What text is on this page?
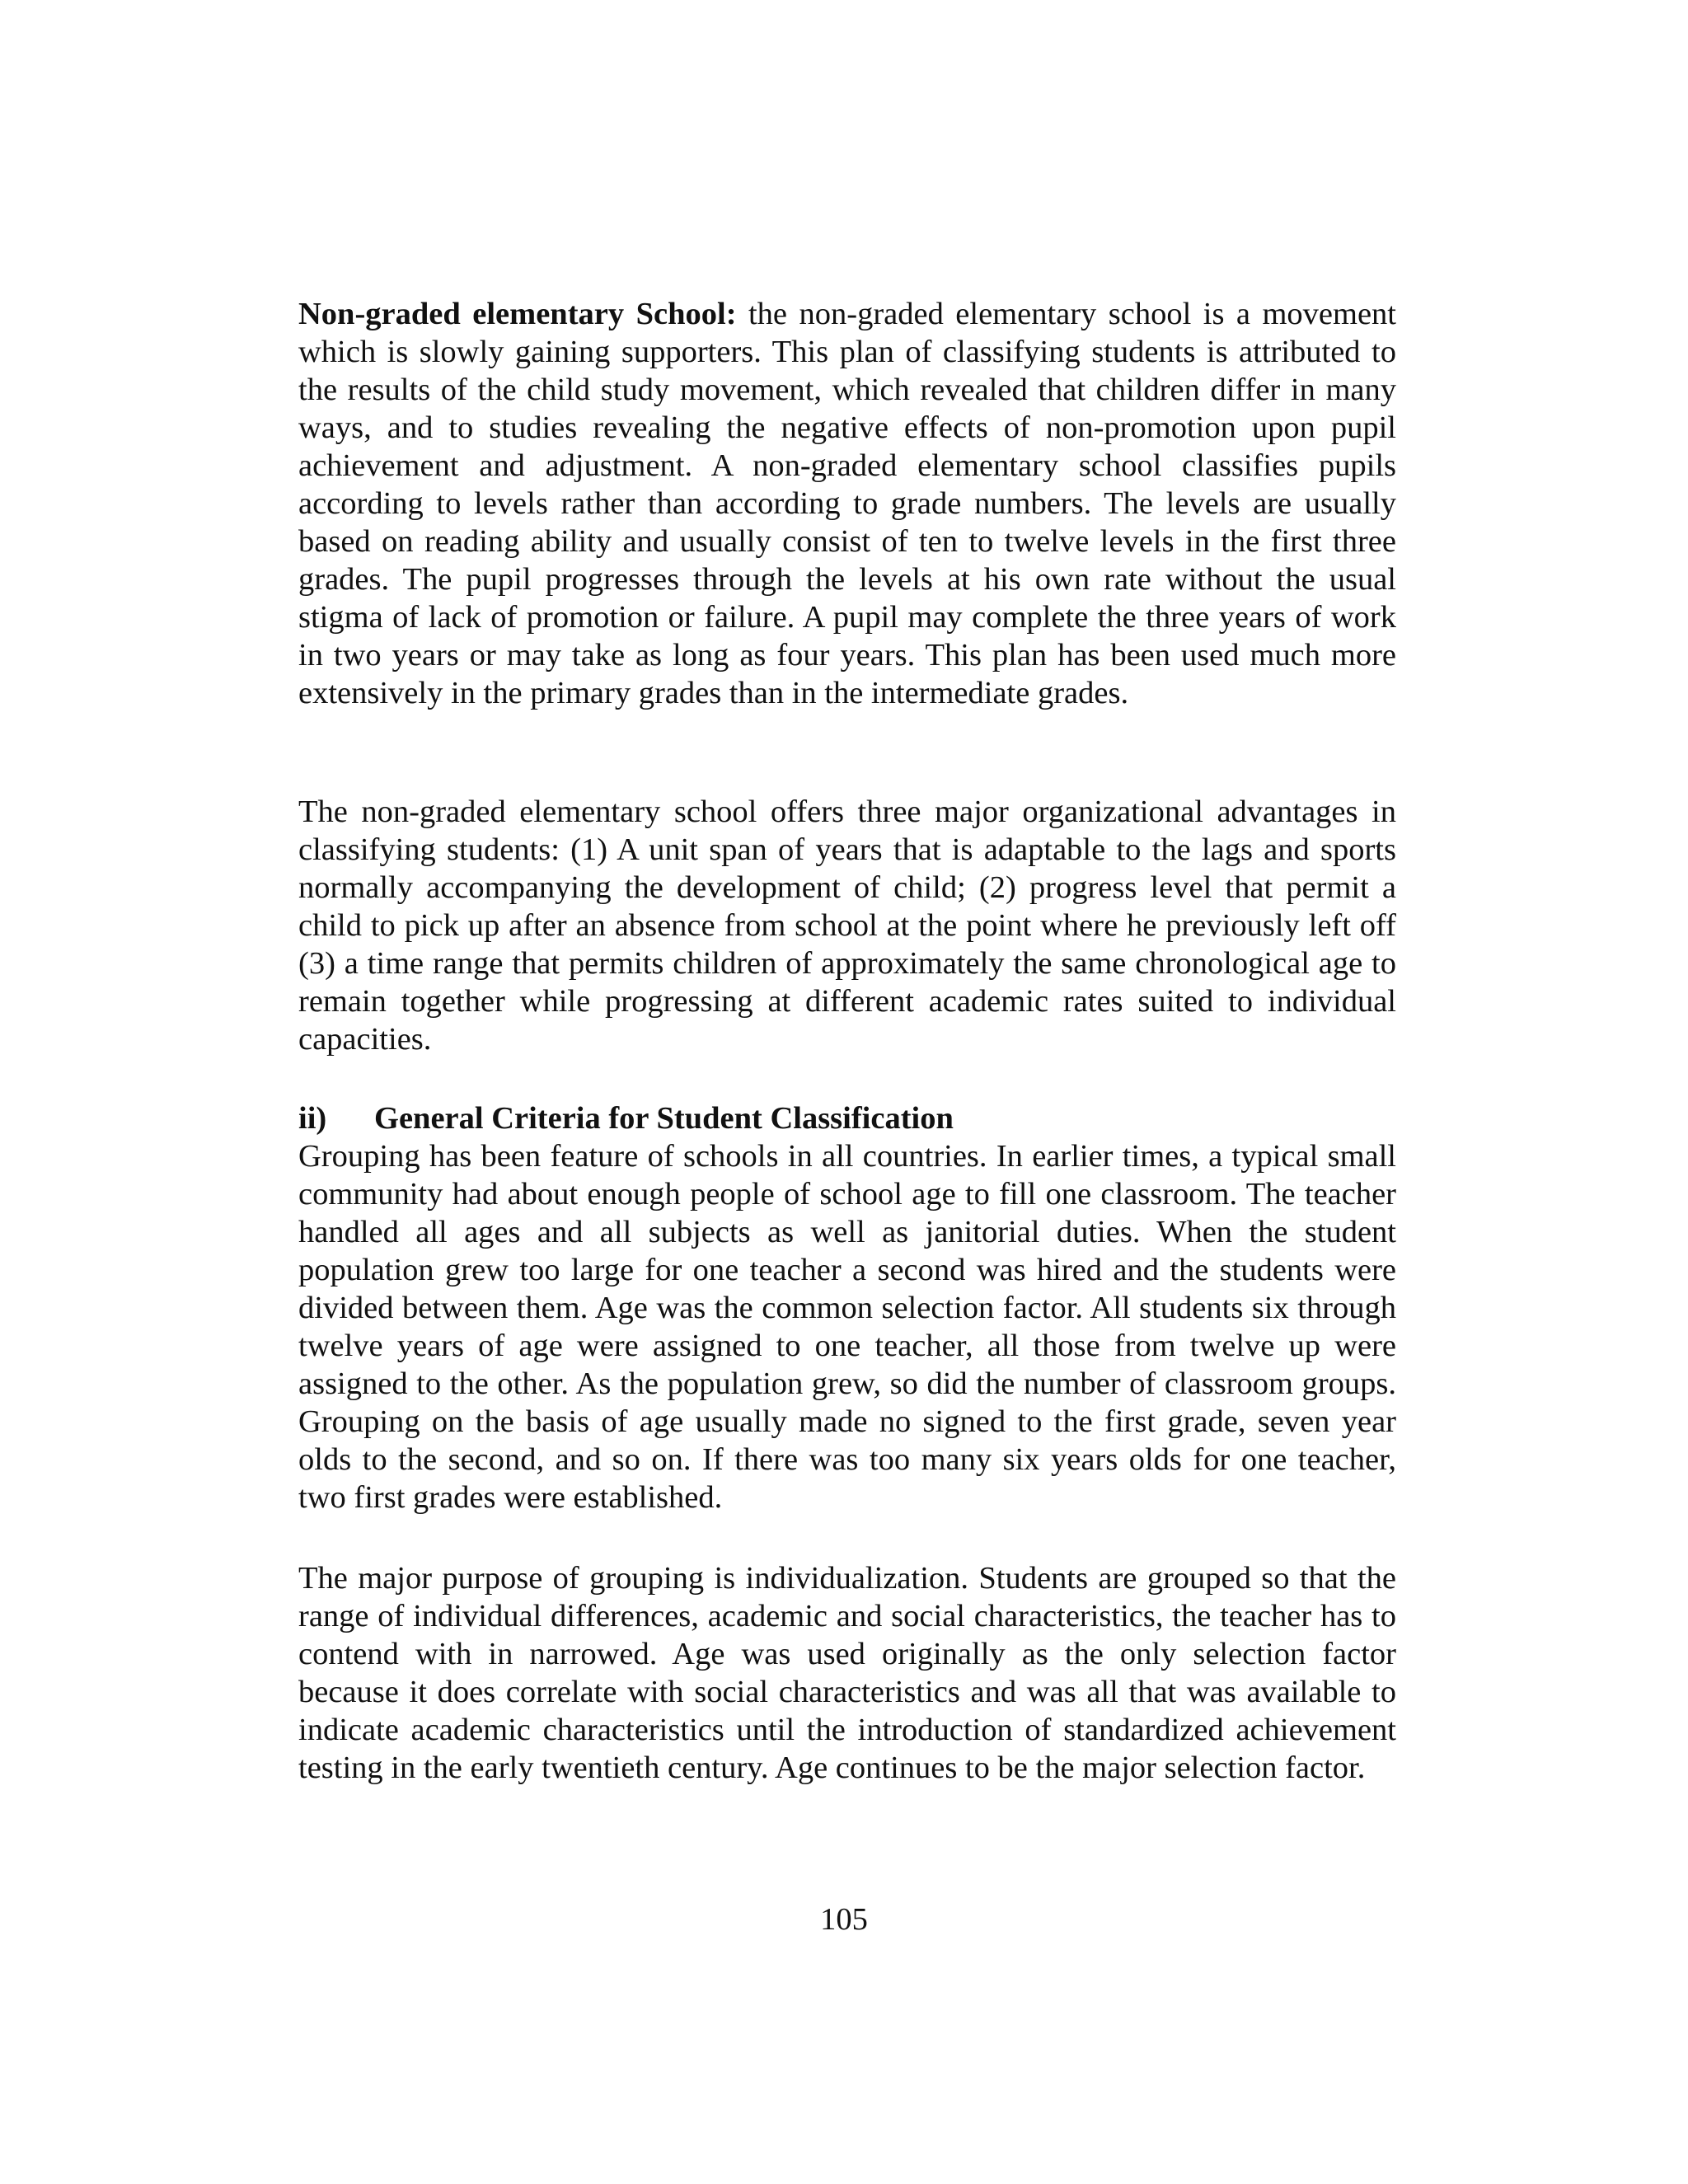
Non-graded elementary School: the non-graded elementary school is a movement which is slowly gaining supporters. This plan of classifying students is attributed to the results of the child study movement, which revealed that children differ in many ways, and to studies revealing the negative effects of non-promotion upon pupil achievement and adjustment. A non-graded elementary school classifies pupils according to levels rather than according to grade numbers. The levels are usually based on reading ability and usually consist of ten to twelve levels in the first three grades. The pupil progresses through the levels at his own rate without the usual stigma of lack of promotion or failure. A pupil may complete the three years of work in two years or may take as long as four years. This plan has been used much more extensively in the primary grades than in the intermediate grades.

The non-graded elementary school offers three major organizational advantages in classifying students: (1) A unit span of years that is adaptable to the lags and sports normally accompanying the development of child; (2) progress level that permit a child to pick up after an absence from school at the point where he previously left off (3) a time range that permits children of approximately the same chronological age to remain together while progressing at different academic rates suited to individual capacities.

ii) General Criteria for Student Classification

Grouping has been feature of schools in all countries. In earlier times, a typical small community had about enough people of school age to fill one classroom. The teacher handled all ages and all subjects as well as janitorial duties. When the student population grew too large for one teacher a second was hired and the students were divided between them. Age was the common selection factor. All students six through twelve years of age were assigned to one teacher, all those from twelve up were assigned to the other. As the population grew, so did the number of classroom groups. Grouping on the basis of age usually made no signed to the first grade, seven year olds to the second, and so on. If there was too many six years olds for one teacher, two first grades were established.

The major purpose of grouping is individualization. Students are grouped so that the range of individual differences, academic and social characteristics, the teacher has to contend with in narrowed. Age was used originally as the only selection factor because it does correlate with social characteristics and was all that was available to indicate academic characteristics until the introduction of standardized achievement testing in the early twentieth century. Age continues to be the major selection factor.

105
